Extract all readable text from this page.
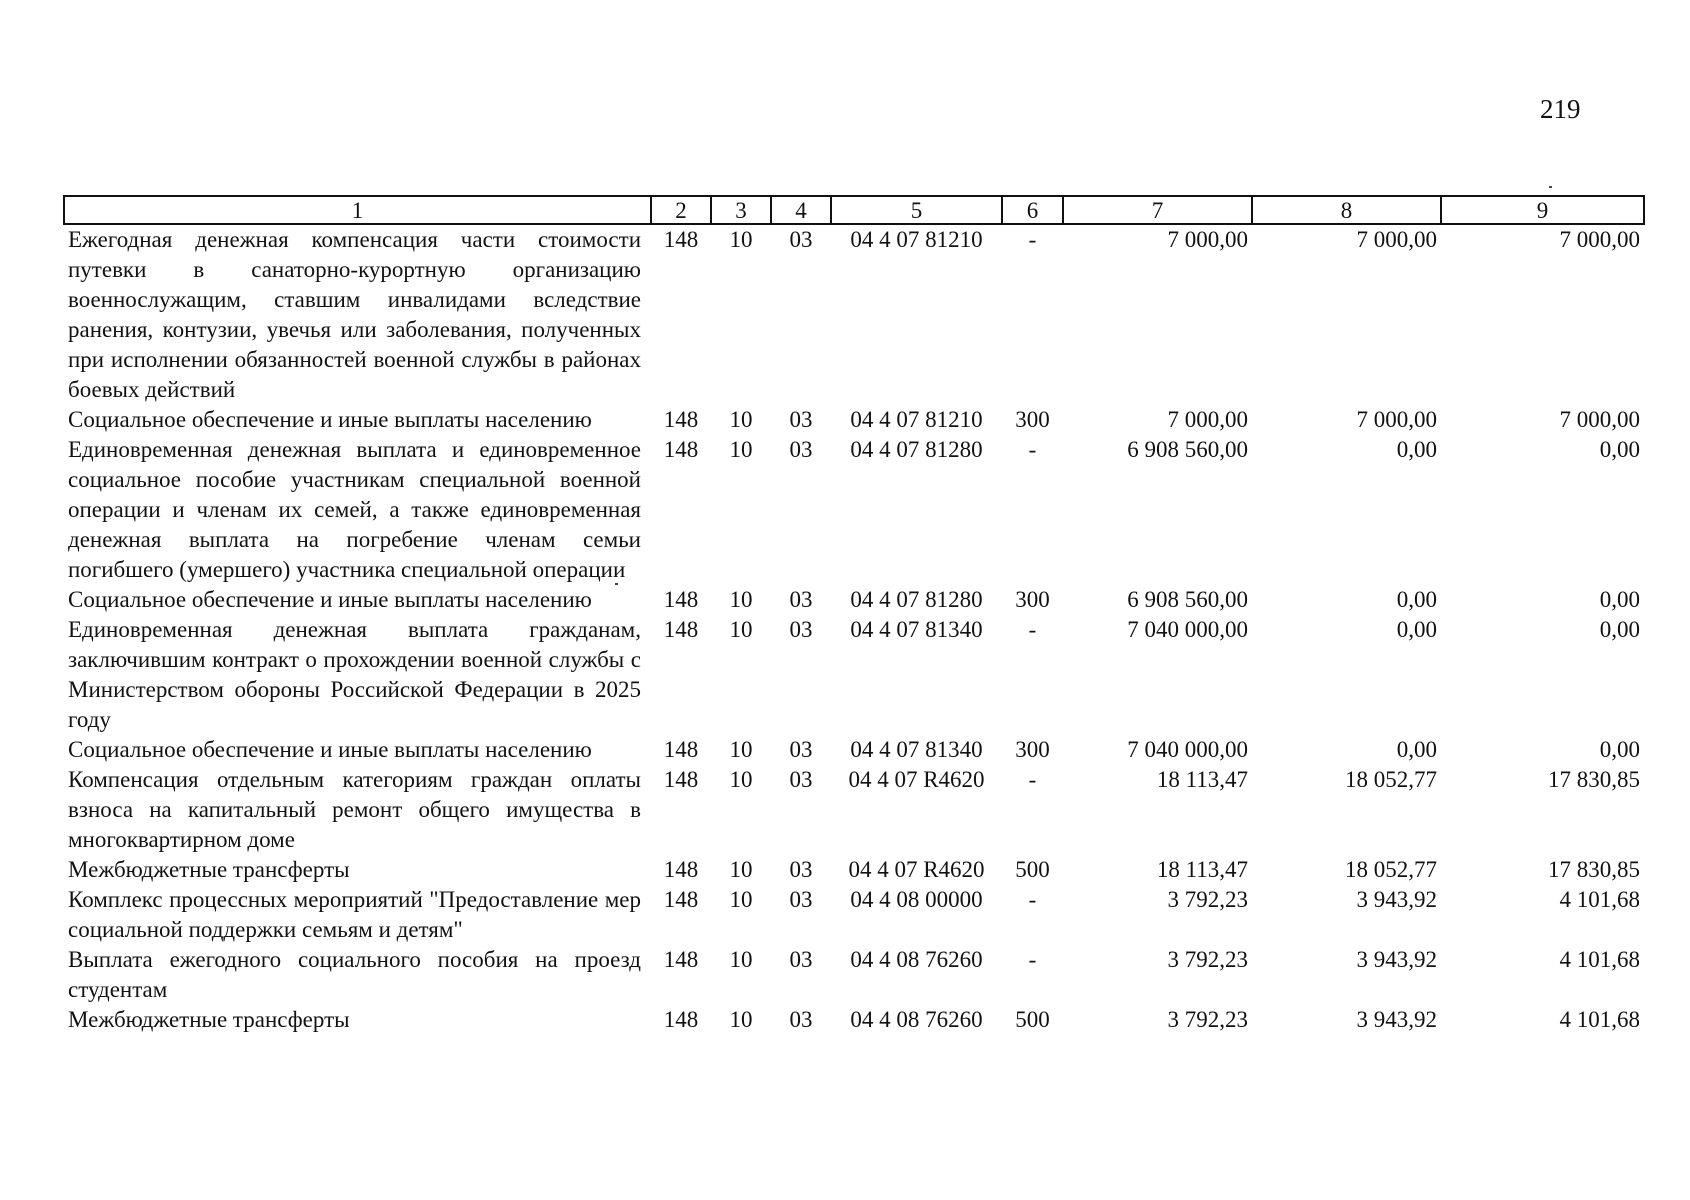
219
1	2	3	4	5	6	7	8	9
Ежегодная денежная компенсация части стоимости путевки в санаторно-курортную организацию военнослужащим, ставшим инвалидами вследствие ранения, контузии, увечья или заболевания, полученных при исполнении обязанностей военной службы в районах боевых действий	148	10	03	04 4 07 81210	-	7 000,00	7 000,00	7 000,00
Социальное обеспечение и иные выплаты населению	148	10	03	04 4 07 81210	300	7 000,00	7 000,00	7 000,00
Единовременная денежная выплата и единовременное социальное пособие участникам специальной военной операции и членам их семей, а также единовременная денежная выплата на погребение членам семьи погибшего (умершего) участника специальной операции	148	10	03	04 4 07 81280	-	6 908 560,00	0,00	0,00
Социальное обеспечение и иные выплаты населению	148	10	03	04 4 07 81280	300	6 908 560,00	0,00	0,00
Единовременная денежная выплата гражданам, заключившим контракт о прохождении военной службы с Министерством обороны Российской Федерации в 2025 году	148	10	03	04 4 07 81340	-	7 040 000,00	0,00	0,00
Социальное обеспечение и иные выплаты населению	148	10	03	04 4 07 81340	300	7 040 000,00	0,00	0,00
Компенсация отдельным категориям граждан оплаты взноса на капитальный ремонт общего имущества в многоквартирном доме	148	10	03	04 4 07 R4620	-	18 113,47	18 052,77	17 830,85
Межбюджетные трансферты	148	10	03	04 4 07 R4620	500	18 113,47	18 052,77	17 830,85
Комплекс процессных мероприятий "Предоставление мер социальной поддержки семьям и детям"	148	10	03	04 4 08 00000	-	3 792,23	3 943,92	4 101,68
Выплата ежегодного социального пособия на проезд студентам	148	10	03	04 4 08 76260	-	3 792,23	3 943,92	4 101,68
Межбюджетные трансферты	148	10	03	04 4 08 76260	500	3 792,23	3 943,92	4 101,68
